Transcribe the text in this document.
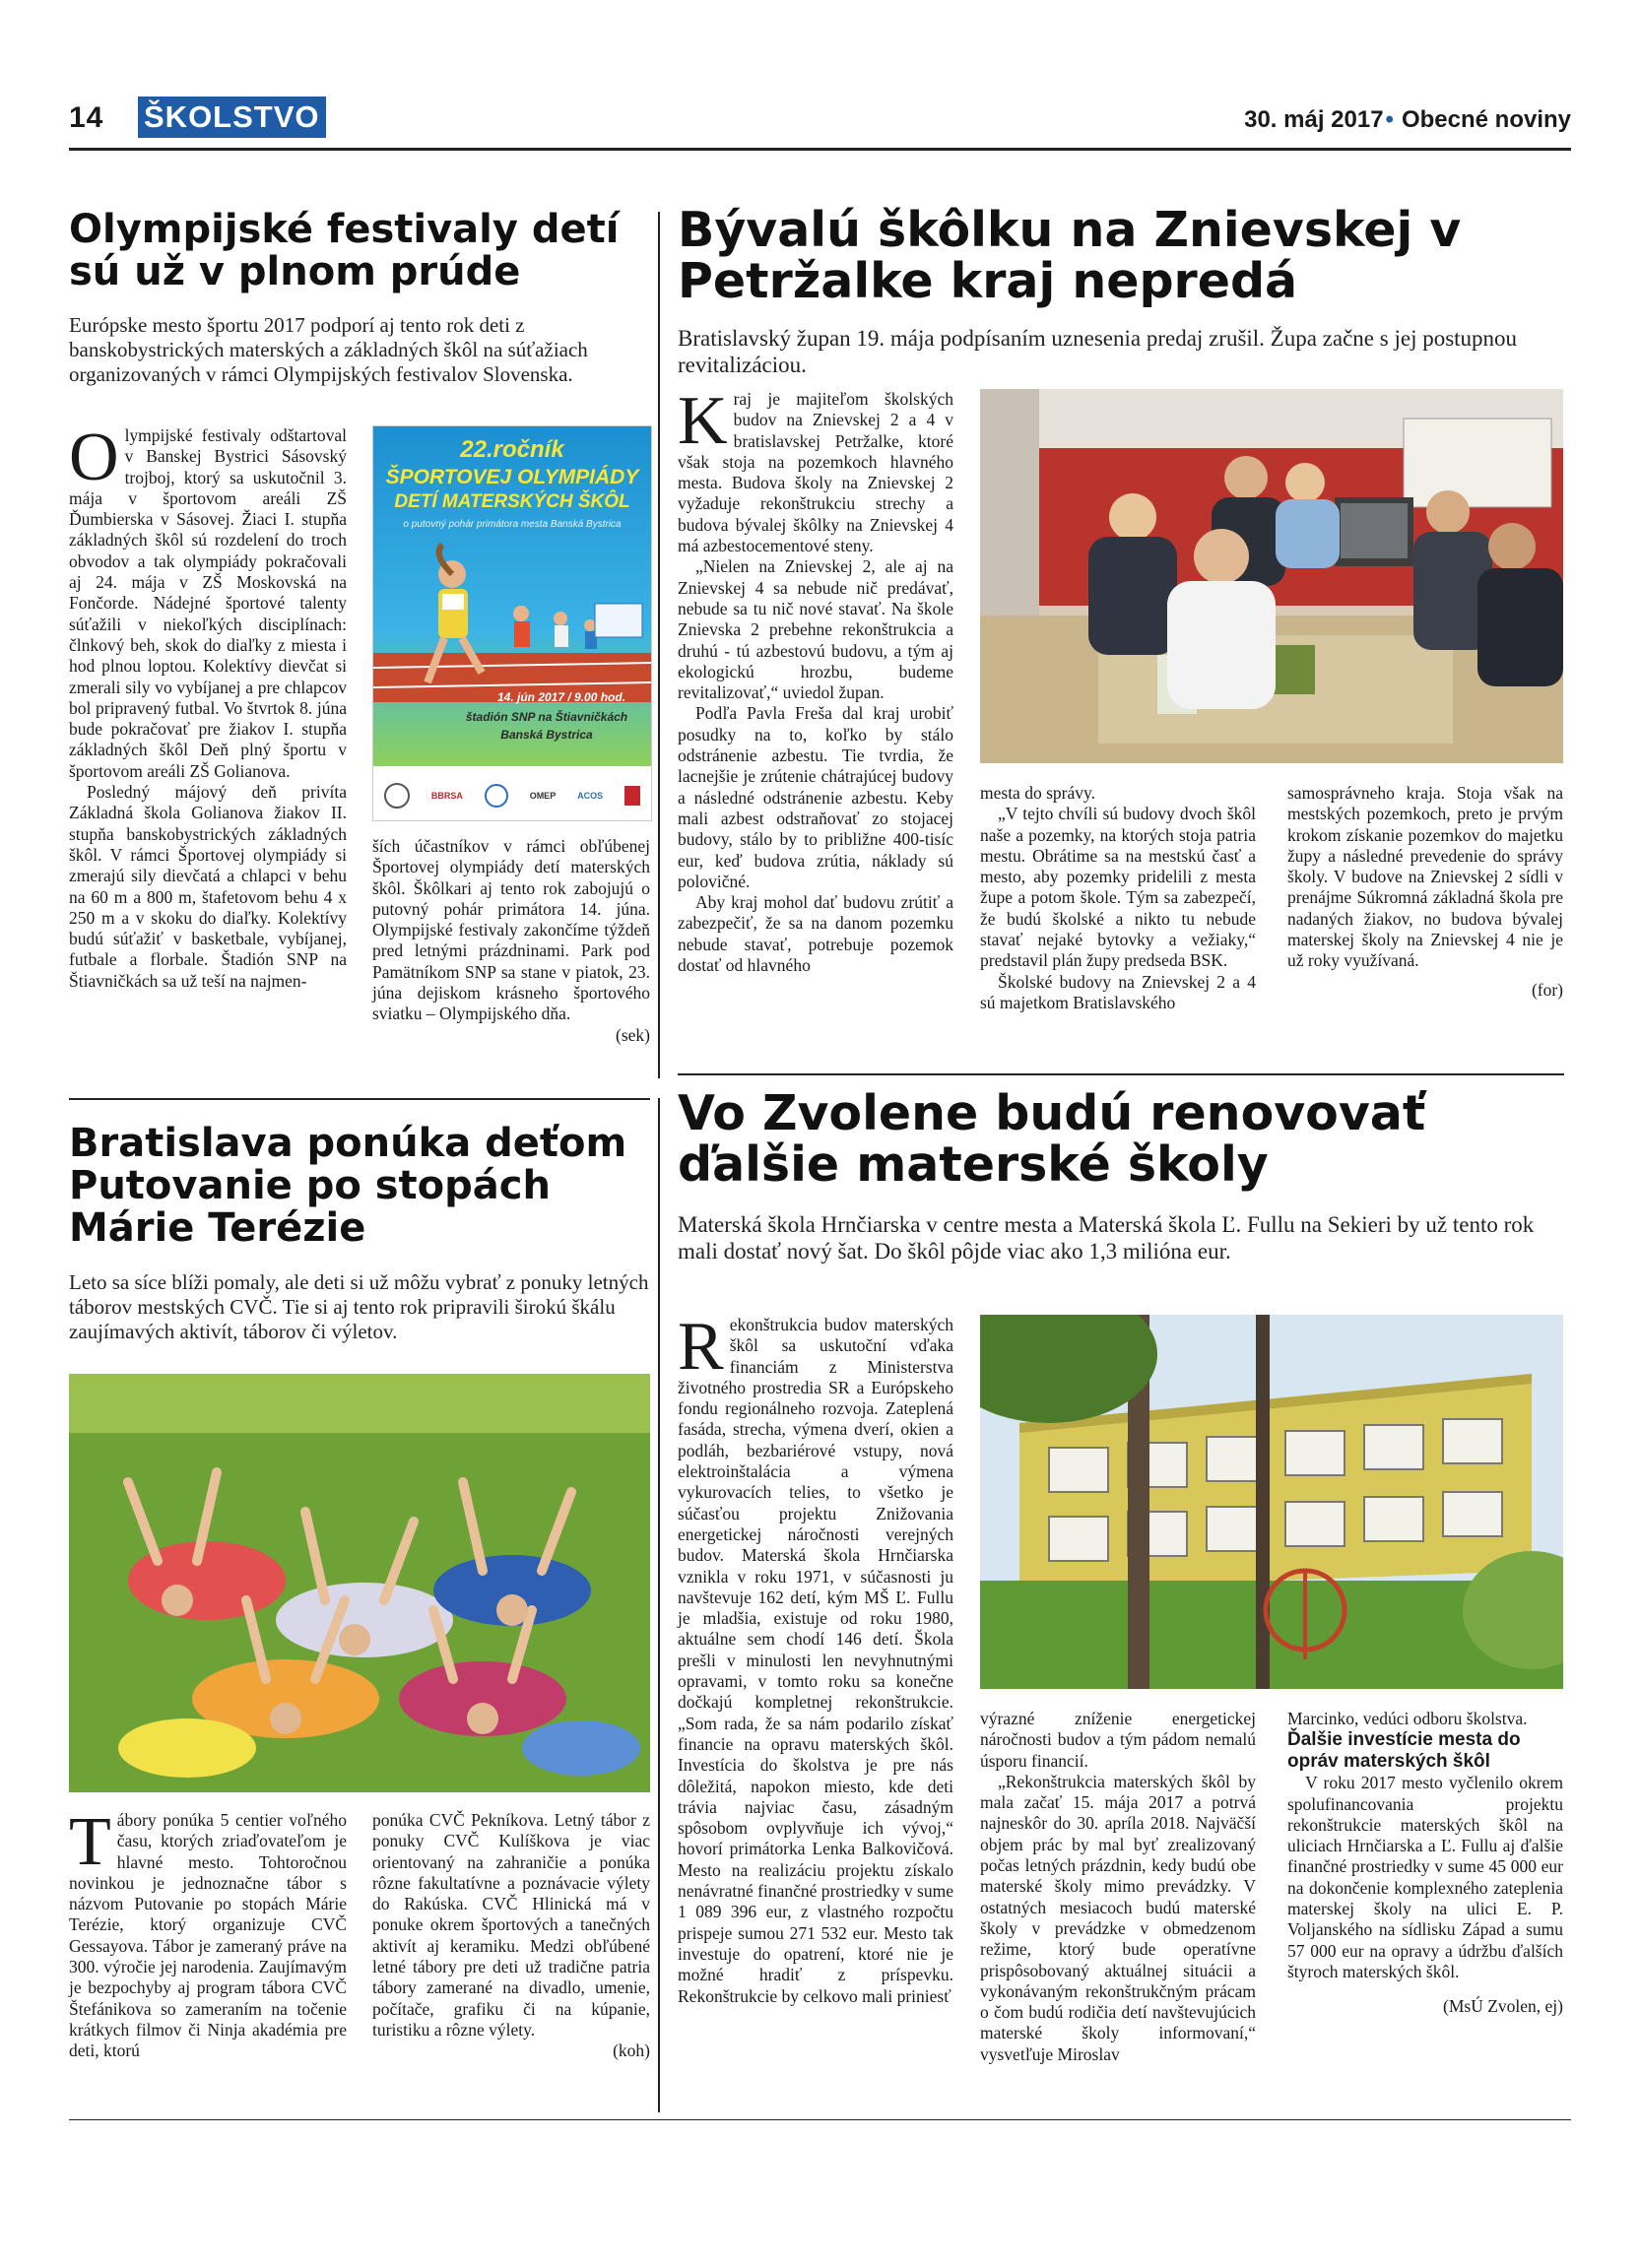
14 ŠKOLSTVO	30. máj 2017• Obecné noviny
Olympijské festivaly detí sú už v plnom prúde

Európske mesto športu 2017 podporí aj tento rok deti z banskobystrických materských a základných škôl na súťažiach organizovaných v rámci Olympijských festivalov Slovenska.

Olympijské festivaly odštartoval v Banskej Bystrici Sásovský trojboj, ktorý sa uskutočnil 3. mája v športovom areáli ZŠ Ďumbierska v Sásovej. Žiaci I. stupňa základných škôl sú rozdelení do troch obvodov a tak olympiády pokračovali aj 24. mája v ZŠ Moskovská na Fončorde. Nádejné športové talenty súťažili v niekoľkých disciplínach: člnkový beh, skok do diaľky z miesta i hod plnou loptou. Kolektívy dievčat si zmerali sily vo vybíjanej a pre chlapcov bol pripravený futbal. Vo štvrtok 8. júna bude pokračovať pre žiakov I. stupňa základných škôl Deň plný športu v športovom areáli ZŠ Golianova.

Posledný májový deň privíta Základná škola Golianova žiakov II. stupňa banskobystrických základných škôl. V rámci Športovej olympiády si zmerajú sily dievčatá a chlapci v behu na 60 m a 800 m, štafetovom behu 4 x 250 m a v skoku do diaľky. Kolektívy budú súťažiť v basketbale, vybíjanej, futbale a florbale. Štadión SNP na Štiavničkách sa už teší na najmen-

22.ročník
ŠPORTOVEJ OLYMPIÁDY
DETÍ MATERSKÝCH ŠKÔL
o putovný pohár primátora mesta Banská Bystrica
14. jún 2017 / 9.00 hod.
štadión SNP na Štiavničkách
Banská Bystrica
BBRSA	OMEP ACOS

ších účastníkov v rámci obľúbenej Športovej olympiády detí materských škôl. Škôlkari aj tento rok zabojujú o putovný pohár primátora 14. júna. Olympijské festivaly zakončíme týždeň pred letnými prázdninami. Park pod Pamätníkom SNP sa stane v piatok, 23. júna dejiskom krásneho športového sviatku – Olympijského dňa.

(sek)

Bývalú škôlku na Znievskej v Petržalke kraj nepredá

Bratislavský župan 19. mája podpísaním uznesenia predaj zrušil. Župa začne s jej postupnou revitalizáciou.

Kraj je majiteľom školských budov na Znievskej 2 a 4 v bratislavskej Petržalke, ktoré však stoja na pozemkoch hlavného mesta. Budova školy na Znievskej 2 vyžaduje rekonštrukciu strechy a budova bývalej škôlky na Znievskej 4 má azbestocementové steny.

„Nielen na Znievskej 2, ale aj na Znievskej 4 sa nebude nič predávať, nebude sa tu nič nové stavať. Na škole Znievska 2 prebehne rekonštrukcia a druhú - tú azbestovú budovu, a tým aj ekologickú hrozbu, budeme revitalizovať,“ uviedol župan.

Podľa Pavla Freša dal kraj urobiť posudky na to, koľko by stálo odstránenie azbestu. Tie tvrdia, že lacnejšie je zrútenie chátrajúcej budovy a následné odstránenie azbestu. Keby mali azbest odstraňovať zo stojacej budovy, stálo by to približne 400-tisíc eur, keď budova zrútia, náklady sú polovičné.

Aby kraj mohol dať budovu zrútiť a zabezpečiť, že sa na danom pozemku nebude stavať, potrebuje pozemok dostať od hlavného

mesta do správy.

„V tejto chvíli sú budovy dvoch škôl naše a pozemky, na ktorých stoja patria mestu. Obrátime sa na mestskú časť a mesto, aby pozemky pridelili z mesta župe a potom škole. Tým sa zabezpečí, že budú školské a nikto tu nebude stavať nejaké bytovky a vežiaky,“ predstavil plán župy predseda BSK.

Školské budovy na Znievskej 2 a 4 sú majetkom Bratislavského

samosprávneho kraja. Stoja však na mestských pozemkoch, preto je prvým krokom získanie pozemkov do majetku župy a následné prevedenie do správy školy. V budove na Znievskej 2 sídli v prenájme Súkromná základná škola pre nadaných žiakov, no budova bývalej materskej školy na Znievskej 4 nie je už roky využívaná.

(for)

Bratislava ponúka deťom Putovanie po stopách Márie Terézie

Leto sa síce blíži pomaly, ale deti si už môžu vybrať z ponuky letných táborov mestských CVČ. Tie si aj tento rok pripravili širokú škálu zaujímavých aktivít, táborov či výletov.

Tábory ponúka 5 centier voľného času, ktorých zriaďovateľom je hlavné mesto. Tohtoročnou novinkou je jednoznačne tábor s názvom Putovanie po stopách Márie Terézie, ktorý organizuje CVČ Gessayova. Tábor je zameraný práve na 300. výročie jej narodenia. Zaujímavým je bezpochyby aj program tábora CVČ Štefánikova so zameraním na točenie krátkych filmov či Ninja akadémia pre deti, ktorú

ponúka CVČ Pekníkova. Letný tábor z ponuky CVČ Kulíškova je viac orientovaný na zahraničie a ponúka rôzne fakultatívne a poznávacie výlety do Rakúska. CVČ Hlinická má v ponuke okrem športových a tanečných aktivít aj keramiku. Medzi obľúbené letné tábory pre deti už tradične patria tábory zamerané na divadlo, umenie, počítače, grafiku či na kúpanie, turistiku a rôzne výlety.

(koh)

Vo Zvolene budú renovovať ďalšie materské školy

Materská škola Hrnčiarska v centre mesta a Materská škola Ľ. Fullu na Sekieri by už tento rok mali dostať nový šat. Do škôl pôjde viac ako 1,3 milióna eur.

Rekonštrukcia budov materských škôl sa uskutoční vďaka financiám z Ministerstva životného prostredia SR a Európskeho fondu regionálneho rozvoja. Zateplená fasáda, strecha, výmena dverí, okien a podláh, bezbariérové vstupy, nová elektroinštalácia a výmena vykurovacích telies, to všetko je súčasťou projektu Znižovania energetickej náročnosti verejných budov. Materská škola Hrnčiarska vznikla v roku 1971, v súčasnosti ju navštevuje 162 detí, kým MŠ Ľ. Fullu je mladšia, existuje od roku 1980, aktuálne sem chodí 146 detí. Škola prešli v minulosti len nevyhnutnými opravami, v tomto roku sa konečne dočkajú kompletnej rekonštrukcie. „Som rada, že sa nám podarilo získať financie na opravu materských škôl. Investícia do školstva je pre nás dôležitá, napokon miesto, kde deti trávia najviac času, zásadným spôsobom ovplyvňuje ich vývoj,“ hovorí primátorka Lenka Balkovičová. Mesto na realizáciu projektu získalo nenávratné finančné prostriedky v sume 1 089 396 eur, z vlastného rozpočtu prispeje sumou 271 532 eur. Mesto tak investuje do opatrení, ktoré nie je možné hradiť z príspevku. Rekonštrukcie by celkovo mali priniesť

výrazné zníženie energetickej náročnosti budov a tým pádom nemalú úsporu financií.

„Rekonštrukcia materských škôl by mala začať 15. mája 2017 a potrvá najneskôr do 30. apríla 2018. Najväčší objem prác by mal byť zrealizovaný počas letných prázdnin, kedy budú obe materské školy mimo prevádzky. V ostatných mesiacoch budú materské školy v prevádzke v obmedzenom režime, ktorý bude operatívne prispôsobovaný aktuálnej situácii a vykonávaným rekonštrukčným prácam o čom budú rodičia detí navštevujúcich materské školy informovaní,“ vysvetľuje Miroslav

Marcinko, vedúci odboru školstva.

Ďalšie investície mesta do opráv materských škôl

V roku 2017 mesto vyčlenilo okrem spolufinancovania projektu rekonštrukcie materských škôl na uliciach Hrnčiarska a Ľ. Fullu aj ďalšie finančné prostriedky v sume 45 000 eur na dokončenie komplexného zateplenia materskej školy na ulici E. P. Voljanského na sídlisku Západ a sumu 57 000 eur na opravy a údržbu ďalších štyroch materských škôl.

(MsÚ Zvolen, ej)
